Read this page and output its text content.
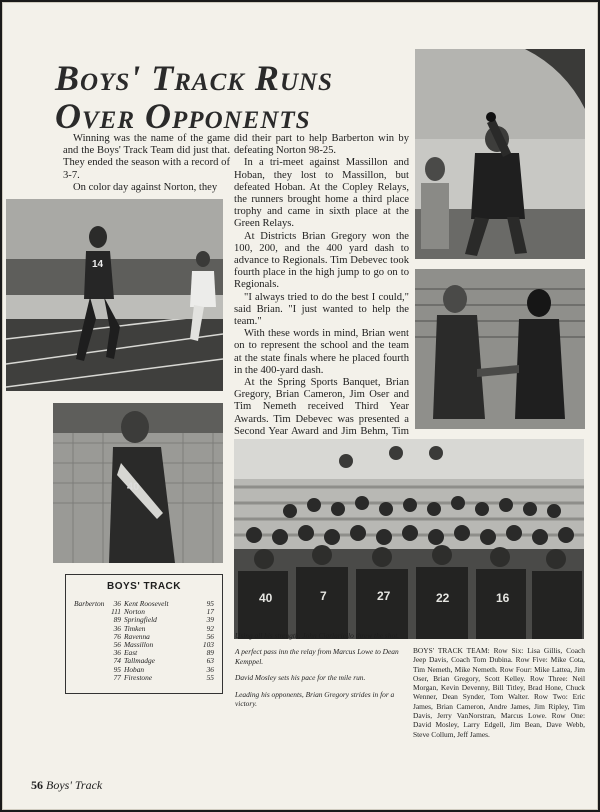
Boys' Track Runs
Over Opponents

Winning was the name of the game and the Boys' Track Team did just that. They ended the season with a record of 3-7.

On color day against Norton, they

did their part to help Barberton win by defeating Norton 98-25.

In a tri-meet against Massillon and Hoban, they lost to Massillon, but defeated Hoban. At the Copley Relays, the runners brought home a third place trophy and came in sixth place at the Green Relays.

At Districts Brian Gregory won the 100, 200, and the 400 yard dash to advance to Regionals. Tim Debevec took fourth place in the high jump to go on to Regionals.

"I always tried to do the best I could," said Brian. "I just wanted to help the team."

With these words in mind, Brian went on to represent the school and the team at the state finals where he placed fourth in the 400-yard dash.

At the Spring Sports Banquet, Brian Gregory, Brian Cameron, Jim Oser and Tim Nemeth received Third Year Awards. Tim Debevec was presented a Second Year Award and Jim Behm, Tim

14
40
40	7	27	22	16
BOYS' TRACK
Barberton	36	Kent Roosevelt	95
	111	Norton	17
	89	Springfield	39
	36	Timken	92
	76	Ravenna	56
	56	Massillon	103
	36	East	89
	74	Tallmadge	63
	95	Hoban	36
	77	Firestone	55

Using all his strength, John Ciarlariello threw the shot.

A perfect pass inn the relay from Marcus Lowe to Dean Kemppel.

David Mosley sets his pace for the mile run.

Leading his opponents, Brian Gregory strides in for a victory.

BOYS' TRACK TEAM: Row Six: Lisa Gillis, Coach Jeep Davis, Coach Tom Dubina. Row Five: Mike Cota, Tim Nemeth, Mike Nemeth. Row Four: Mike Lattea, Jim Oser, Brian Gregory, Scott Kelley. Row Three: Neil Morgan, Kevin Devenny, Bill Titley, Brad Hone, Chuck Wenner, Dean Synder, Tom Walter. Row Two: Eric James, Brian Cameron, Andre James, Jim Ripley, Tim Davis, Jerry VanNorstran, Marcus Lowe. Row One: David Mosley, Larry Edgell, Jim Bean, Dave Webb, Steve Collum, Jeff James.
56 Boys' Track
